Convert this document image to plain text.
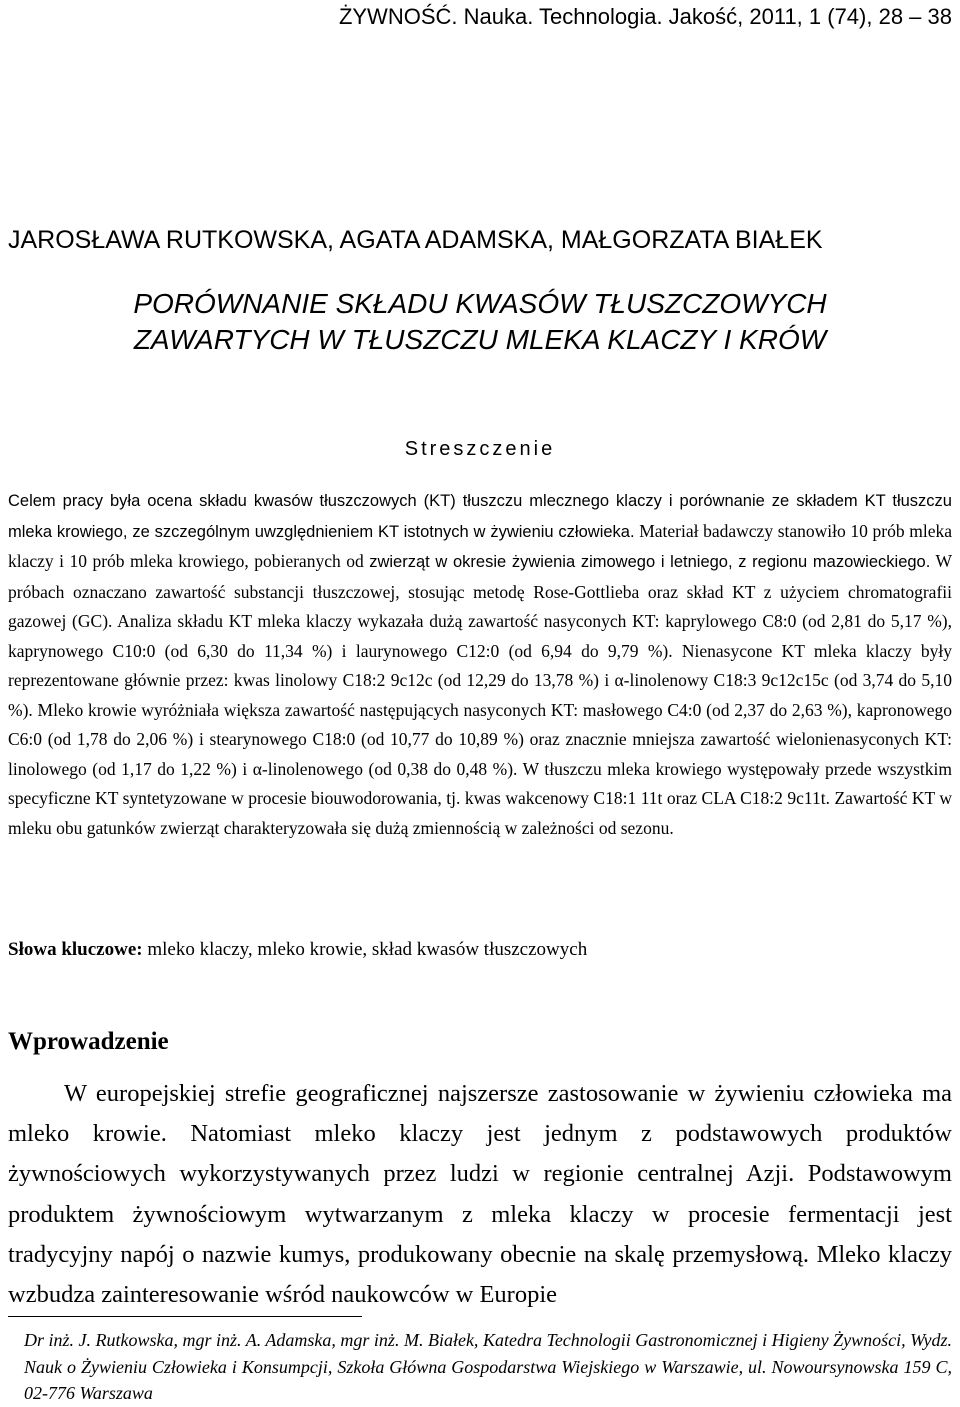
ŻYWNOŚĆ. Nauka. Technologia. Jakość, 2011, 1 (74), 28 – 38
JAROSŁAWA RUTKOWSKA, AGATA ADAMSKA, MAŁGORZATA BIAŁEK
PORÓWNANIE SKŁADU KWASÓW TŁUSZCZOWYCH
ZAWARTYCH W TŁUSZCZU MLEKA KLACZY I KRÓW
Streszczenie
Celem pracy była ocena składu kwasów tłuszczowych (KT) tłuszczu mlecznego klaczy i porównanie ze składem KT tłuszczu mleka krowiego, ze szczególnym uwzględnieniem KT istotnych w żywieniu człowieka. Materiał badawczy stanowiło 10 prób mleka klaczy i 10 prób mleka krowiego, pobieranych od zwierząt w okresie żywienia zimowego i letniego, z regionu mazowieckiego. W próbach oznaczano zawartość substancji tłuszczowej, stosując metodę Rose-Gottlieba oraz skład KT z użyciem chromatografii gazowej (GC). Analiza składu KT mleka klaczy wykazała dużą zawartość nasyconych KT: kaprylowego C8:0 (od 2,81 do 5,17 %), kaprynowego C10:0 (od 6,30 do 11,34 %) i laurynowego C12:0 (od 6,94 do 9,79 %). Nienasycone KT mleka klaczy były reprezentowane głównie przez: kwas linolowy C18:2 9c12c (od 12,29 do 13,78 %) i α-linolenowy C18:3 9c12c15c (od 3,74 do 5,10 %). Mleko krowie wyróżniała większa zawartość następujących nasyconych KT: masłowego C4:0 (od 2,37 do 2,63 %), kapronowego C6:0 (od 1,78 do 2,06 %) i stearynowego C18:0 (od 10,77 do 10,89 %) oraz znacznie mniejsza zawartość wielonienasyconych KT: linolowego (od 1,17 do 1,22 %) i α-linolenowego (od 0,38 do 0,48 %). W tłuszczu mleka krowiego występowały przede wszystkim specyficzne KT syntetyzowane w procesie biouwodorowania, tj. kwas wakcenowy C18:1 11t oraz CLA C18:2 9c11t. Zawartość KT w mleku obu gatunków zwierząt charakteryzowała się dużą zmiennością w zależności od sezonu.
Słowa kluczowe: mleko klaczy, mleko krowie, skład kwasów tłuszczowych
Wprowadzenie
W europejskiej strefie geograficznej najszersze zastosowanie w żywieniu człowieka ma mleko krowie. Natomiast mleko klaczy jest jednym z podstawowych produktów żywnościowych wykorzystywanych przez ludzi w regionie centralnej Azji. Podstawowym produktem żywnościowym wytwarzanym z mleka klaczy w procesie fermentacji jest tradycyjny napój o nazwie kumys, produkowany obecnie na skalę przemysłową. Mleko klaczy wzbudza zainteresowanie wśród naukowców w Europie
Dr inż. J. Rutkowska, mgr inż. A. Adamska, mgr inż. M. Białek, Katedra Technologii Gastronomicznej i Higieny Żywności, Wydz. Nauk o Żywieniu Człowieka i Konsumpcji, Szkoła Główna Gospodarstwa Wiejskiego w Warszawie, ul. Nowoursynowska 159 C, 02-776 Warszawa
